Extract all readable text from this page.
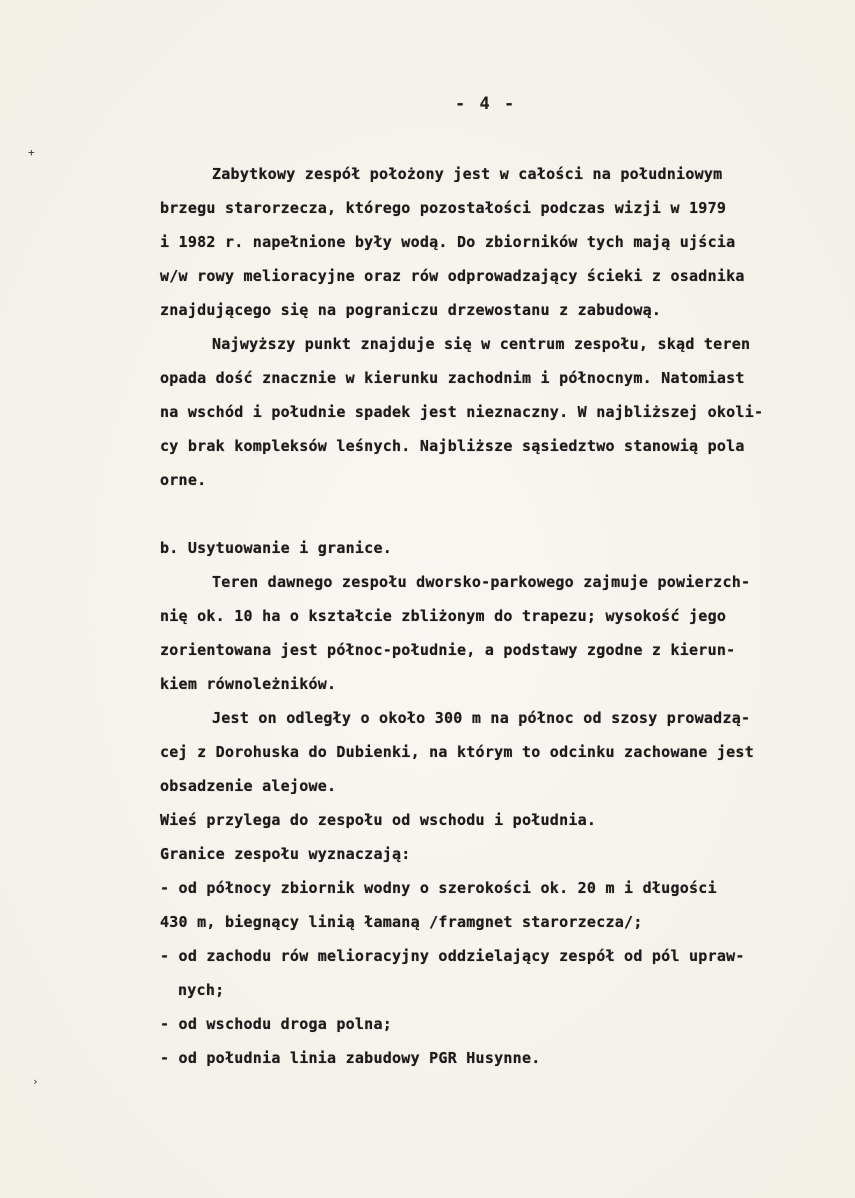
+
›
- 4 -
Zabytkowy zespół położony jest w całości na południowym
brzegu starorzecza, którego pozostałości podczas wizji w 1979
i 1982 r. napełnione były wodą. Do zbiorników tych mają ujścia
w/w rowy melioracyjne oraz rów odprowadzający ścieki z osadnika
znajdującego się na pograniczu drzewostanu z zabudową.
Najwyższy punkt znajduje się w centrum zespołu, skąd teren
opada dość znacznie w kierunku zachodnim i północnym. Natomiast
na wschód i południe spadek jest nieznaczny. W najbliższej okoli-
cy brak kompleksów leśnych. Najbliższe sąsiedztwo stanowią pola
orne.
b. Usytuowanie i granice.
Teren dawnego zespołu dworsko-parkowego zajmuje powierzch-
nię ok. 10 ha o kształcie zbliżonym do trapezu; wysokość jego
zorientowana jest północ-południe, a podstawy zgodne z kierun-
kiem równoleżników.
Jest on odległy o około 300 m na północ od szosy prowadzą-
cej z Dorohuska do Dubienki, na którym to odcinku zachowane jest
obsadzenie alejowe.
Wieś przylega do zespołu od wschodu i południa.
Granice zespołu wyznaczają:
- od północy zbiornik wodny o szerokości ok. 20 m i długości
430 m, biegnący linią łamaną /framgnet starorzecza/;
- od zachodu rów melioracyjny oddzielający zespół od pól upraw-
nych;
- od wschodu droga polna;
- od południa linia zabudowy PGR Husynne.
